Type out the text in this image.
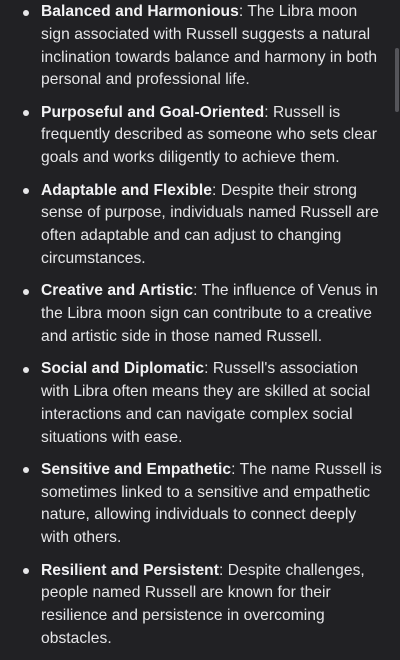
Balanced and Harmonious: The Libra moon sign associated with Russell suggests a natural inclination towards balance and harmony in both personal and professional life.
Purposeful and Goal-Oriented: Russell is frequently described as someone who sets clear goals and works diligently to achieve them.
Adaptable and Flexible: Despite their strong sense of purpose, individuals named Russell are often adaptable and can adjust to changing circumstances.
Creative and Artistic: The influence of Venus in the Libra moon sign can contribute to a creative and artistic side in those named Russell.
Social and Diplomatic: Russell's association with Libra often means they are skilled at social interactions and can navigate complex social situations with ease.
Sensitive and Empathetic: The name Russell is sometimes linked to a sensitive and empathetic nature, allowing individuals to connect deeply with others.
Resilient and Persistent: Despite challenges, people named Russell are known for their resilience and persistence in overcoming obstacles.
